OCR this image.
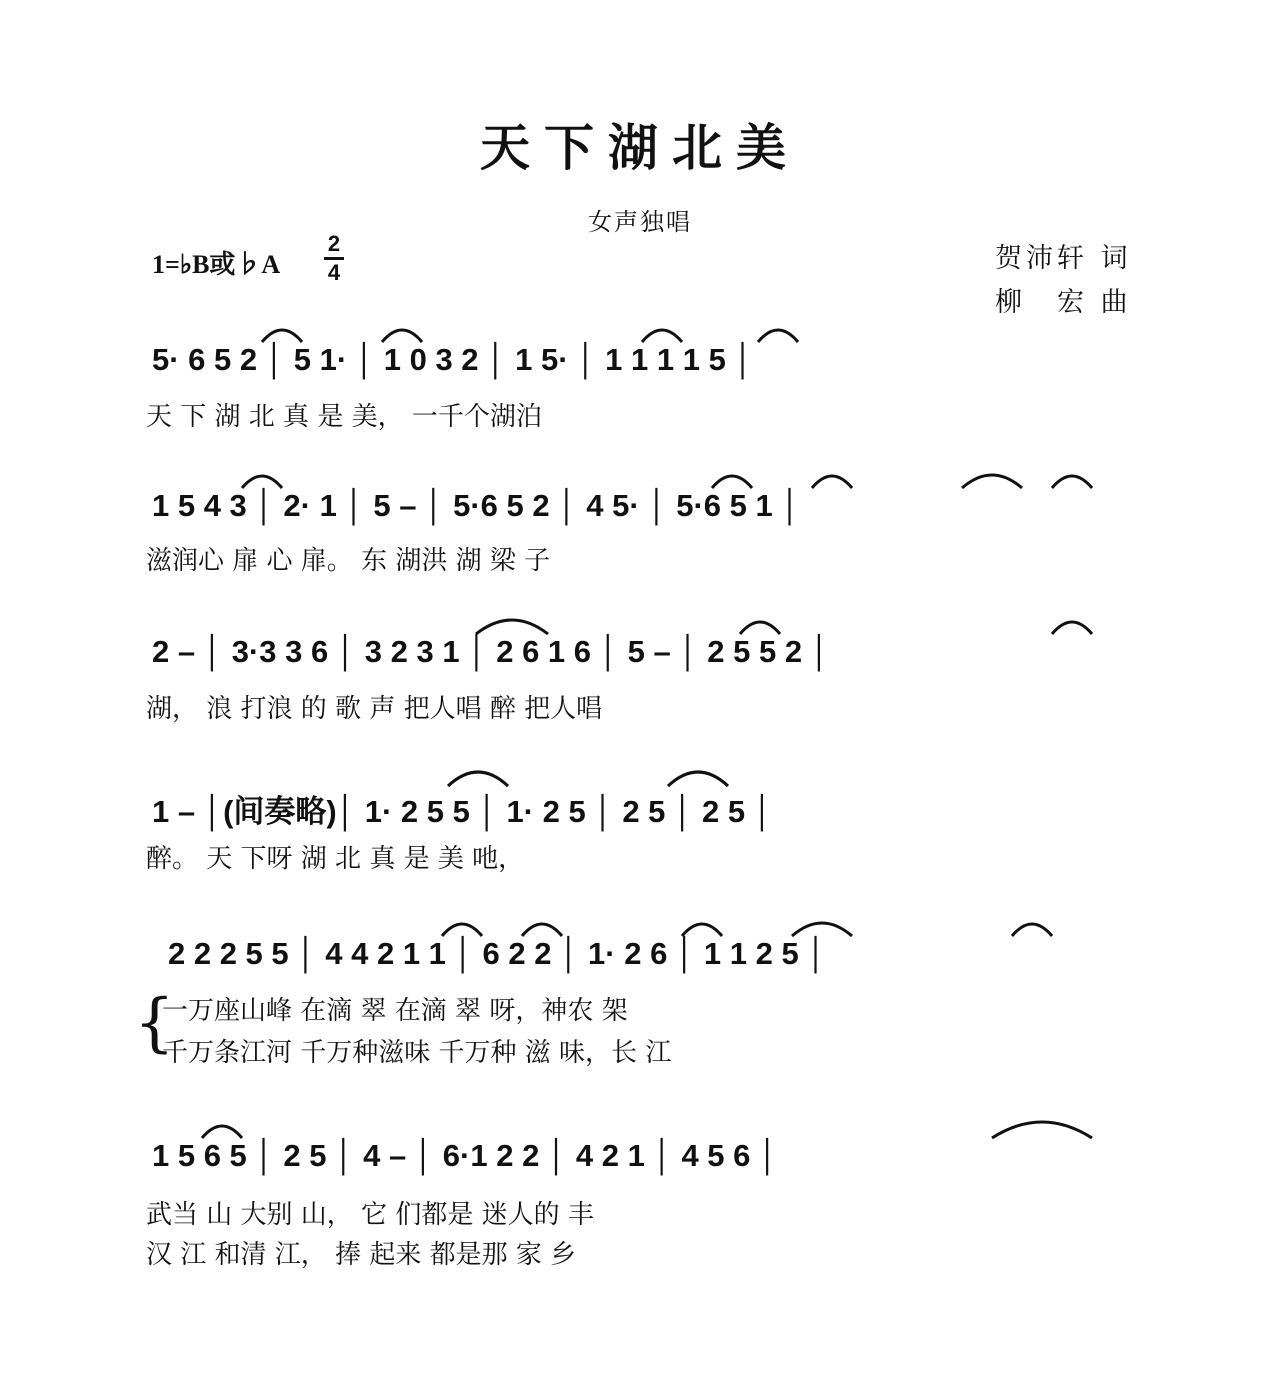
天下湖北美
女声独唱
1=♭B或♭A
2
4	贺沛轩 词
柳　宏 曲
5· 6 5 2 │ 5 1· │ 1 0 3 2 │ 1 5· │ 1 1 1 1 5 │
天 下 湖 北 真 是 美， 一千个湖泊
1 5 4 3 │ 2· 1 │ 5 – │ 5·6 5 2 │ 4 5· │ 5·6 5 1 │
滋润心 扉 心 扉。 东 湖洪 湖 梁 子
2 – │ 3·3 3 6 │ 3 2 3 1 │ 2 6 1 6 │ 5 – │ 2 5 5 2 │
湖， 浪 打浪 的 歌 声 把人唱 醉 把人唱
1 – │(间奏略)│ 1· 2 5 5 │ 1· 2 5 │ 2 5 │ 2 5 │
醉。 天 下呀 湖 北 真 是 美 吔，
2 2 2 5 5 │ 4 4 2 1 1 │ 6 2 2 │ 1· 2 6 │ 1 1 2 5 │
{
一万座山峰 在滴 翠 在滴 翠 呀，神农 架
千万条江河 千万种滋味 千万种 滋 味，长 江
1 5 6 5 │ 2 5 │ 4 – │ 6·1 2 2 │ 4 2 1 │ 4 5 6 │
武当 山 大别 山， 它 们都是 迷人的 丰
汉 江 和清 江， 捧 起来 都是那 家 乡
